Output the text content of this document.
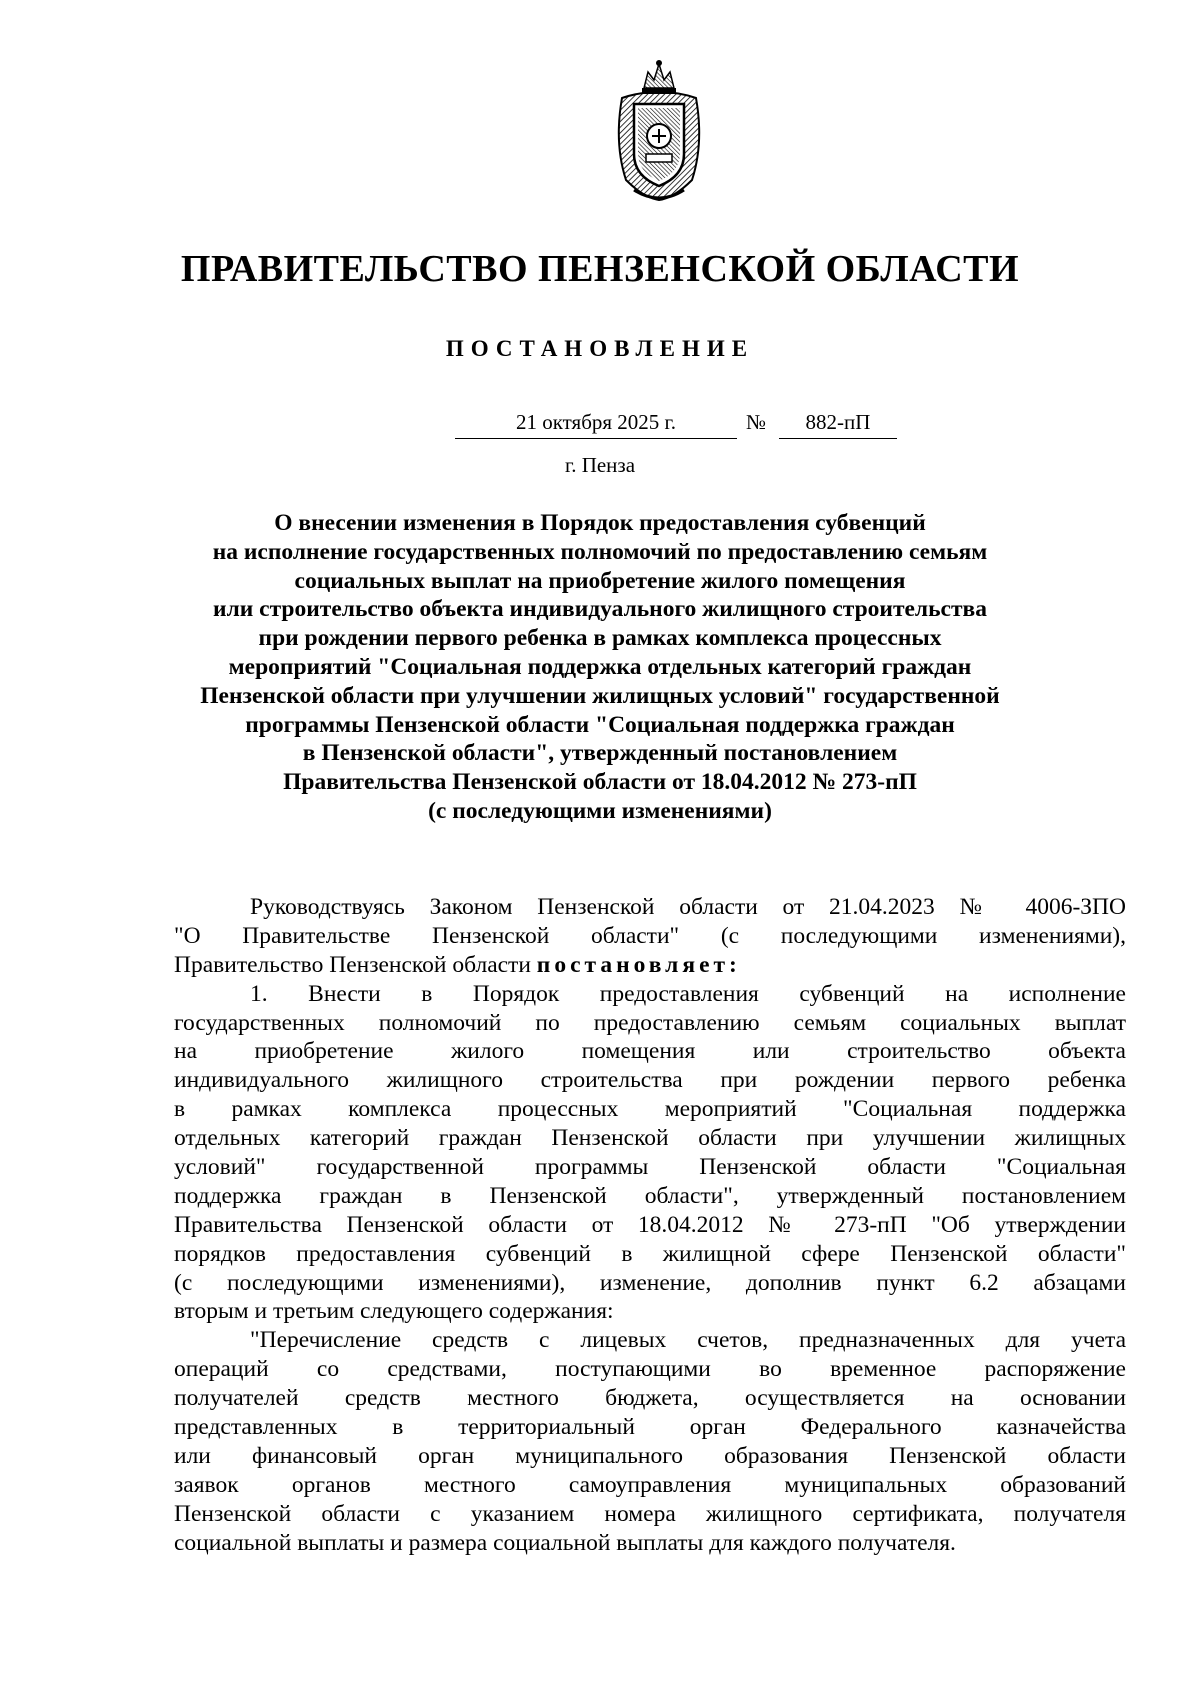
ПРАВИТЕЛЬСТВО ПЕНЗЕНСКОЙ ОБЛАСТИ
ПОСТАНОВЛЕНИЕ
21 октября 2025 г.	№	882-пП
г. Пенза
О внесении изменения в Порядок предоставления субвенций
на исполнение государственных полномочий по предоставлению семьям
социальных выплат на приобретение жилого помещения
или строительство объекта индивидуального жилищного строительства
при рождении первого ребенка в рамках комплекса процессных
мероприятий "Социальная поддержка отдельных категорий граждан
Пензенской области при улучшении жилищных условий" государственной
программы Пензенской области "Социальная поддержка граждан
в Пензенской области", утвержденный постановлением
Правительства Пензенской области от 18.04.2012 № 273-пП
(с последующими изменениями)
Руководствуясь Законом Пензенской области от 21.04.2023 № 4006-ЗПО
"О Правительстве Пензенской области" (с последующими изменениями),
Правительство Пензенской области постановляет:
1. Внести в Порядок предоставления субвенций на исполнение
государственных полномочий по предоставлению семьям социальных выплат
на приобретение жилого помещения или строительство объекта
индивидуального жилищного строительства при рождении первого ребенка
в рамках комплекса процессных мероприятий "Социальная поддержка
отдельных категорий граждан Пензенской области при улучшении жилищных
условий" государственной программы Пензенской области "Социальная
поддержка граждан в Пензенской области", утвержденный постановлением
Правительства Пензенской области от 18.04.2012 № 273-пП "Об утверждении
порядков предоставления субвенций в жилищной сфере Пензенской области"
(с последующими изменениями), изменение, дополнив пункт 6.2 абзацами
вторым и третьим следующего содержания:
"Перечисление средств с лицевых счетов, предназначенных для учета
операций со средствами, поступающими во временное распоряжение
получателей средств местного бюджета, осуществляется на основании
представленных в территориальный орган Федерального казначейства
или финансовый орган муниципального образования Пензенской области
заявок органов местного самоуправления муниципальных образований
Пензенской области с указанием номера жилищного сертификата, получателя
социальной выплаты и размера социальной выплаты для каждого получателя.
